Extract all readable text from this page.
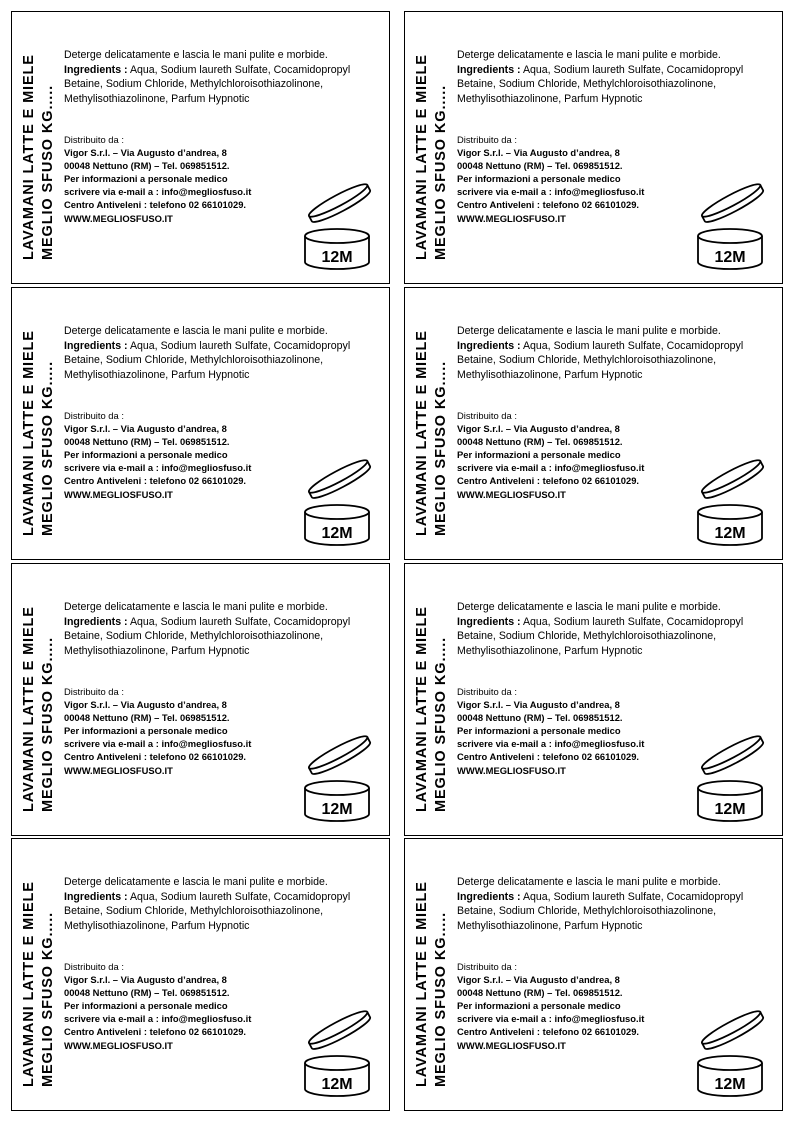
LAVAMANI LATTE E MIELE MEGLIO SFUSO KG.....
Deterge delicatamente e lascia le mani pulite e morbide.
Ingredients : Aqua, Sodium laureth Sulfate, Cocamidopropyl Betaine, Sodium Chloride, Methylchloroisothiazolinone, Methylisothiazolinone, Parfum Hypnotic
Distribuito da :
Vigor S.r.l. – Via Augusto d’andrea, 8
00048 Nettuno (RM) – Tel. 069851512.
Per informazioni a personale medico
scrivere via e-mail a : info@megliosfuso.it
Centro Antiveleni : telefono 02 66101029.
WWW.MEGLIOSFUSO.IT
12M	LAVAMANI LATTE E MIELE MEGLIO SFUSO KG.....
Deterge delicatamente e lascia le mani pulite e morbide.
Ingredients : Aqua, Sodium laureth Sulfate, Cocamidopropyl Betaine, Sodium Chloride, Methylchloroisothiazolinone, Methylisothiazolinone, Parfum Hypnotic
Distribuito da :
Vigor S.r.l. – Via Augusto d’andrea, 8
00048 Nettuno (RM) – Tel. 069851512.
Per informazioni a personale medico
scrivere via e-mail a : info@megliosfuso.it
Centro Antiveleni : telefono 02 66101029.
WWW.MEGLIOSFUSO.IT
12M
LAVAMANI LATTE E MIELE MEGLIO SFUSO KG.....
Deterge delicatamente e lascia le mani pulite e morbide.
Ingredients : Aqua, Sodium laureth Sulfate, Cocamidopropyl Betaine, Sodium Chloride, Methylchloroisothiazolinone, Methylisothiazolinone, Parfum Hypnotic
Distribuito da :
Vigor S.r.l. – Via Augusto d’andrea, 8
00048 Nettuno (RM) – Tel. 069851512.
Per informazioni a personale medico
scrivere via e-mail a : info@megliosfuso.it
Centro Antiveleni : telefono 02 66101029.
WWW.MEGLIOSFUSO.IT
12M	LAVAMANI LATTE E MIELE MEGLIO SFUSO KG.....
Deterge delicatamente e lascia le mani pulite e morbide.
Ingredients : Aqua, Sodium laureth Sulfate, Cocamidopropyl Betaine, Sodium Chloride, Methylchloroisothiazolinone, Methylisothiazolinone, Parfum Hypnotic
Distribuito da :
Vigor S.r.l. – Via Augusto d’andrea, 8
00048 Nettuno (RM) – Tel. 069851512.
Per informazioni a personale medico
scrivere via e-mail a : info@megliosfuso.it
Centro Antiveleni : telefono 02 66101029.
WWW.MEGLIOSFUSO.IT
12M
LAVAMANI LATTE E MIELE MEGLIO SFUSO KG.....
Deterge delicatamente e lascia le mani pulite e morbide.
Ingredients : Aqua, Sodium laureth Sulfate, Cocamidopropyl Betaine, Sodium Chloride, Methylchloroisothiazolinone, Methylisothiazolinone, Parfum Hypnotic
Distribuito da :
Vigor S.r.l. – Via Augusto d’andrea, 8
00048 Nettuno (RM) – Tel. 069851512.
Per informazioni a personale medico
scrivere via e-mail a : info@megliosfuso.it
Centro Antiveleni : telefono 02 66101029.
WWW.MEGLIOSFUSO.IT
12M	LAVAMANI LATTE E MIELE MEGLIO SFUSO KG.....
Deterge delicatamente e lascia le mani pulite e morbide.
Ingredients : Aqua, Sodium laureth Sulfate, Cocamidopropyl Betaine, Sodium Chloride, Methylchloroisothiazolinone, Methylisothiazolinone, Parfum Hypnotic
Distribuito da :
Vigor S.r.l. – Via Augusto d’andrea, 8
00048 Nettuno (RM) – Tel. 069851512.
Per informazioni a personale medico
scrivere via e-mail a : info@megliosfuso.it
Centro Antiveleni : telefono 02 66101029.
WWW.MEGLIOSFUSO.IT
12M
LAVAMANI LATTE E MIELE MEGLIO SFUSO KG.....
Deterge delicatamente e lascia le mani pulite e morbide.
Ingredients : Aqua, Sodium laureth Sulfate, Cocamidopropyl Betaine, Sodium Chloride, Methylchloroisothiazolinone, Methylisothiazolinone, Parfum Hypnotic
Distribuito da :
Vigor S.r.l. – Via Augusto d’andrea, 8
00048 Nettuno (RM) – Tel. 069851512.
Per informazioni a personale medico
scrivere via e-mail a : info@megliosfuso.it
Centro Antiveleni : telefono 02 66101029.
WWW.MEGLIOSFUSO.IT
12M	LAVAMANI LATTE E MIELE MEGLIO SFUSO KG.....
Deterge delicatamente e lascia le mani pulite e morbide.
Ingredients : Aqua, Sodium laureth Sulfate, Cocamidopropyl Betaine, Sodium Chloride, Methylchloroisothiazolinone, Methylisothiazolinone, Parfum Hypnotic
Distribuito da :
Vigor S.r.l. – Via Augusto d’andrea, 8
00048 Nettuno (RM) – Tel. 069851512.
Per informazioni a personale medico
scrivere via e-mail a : info@megliosfuso.it
Centro Antiveleni : telefono 02 66101029.
WWW.MEGLIOSFUSO.IT
12M
